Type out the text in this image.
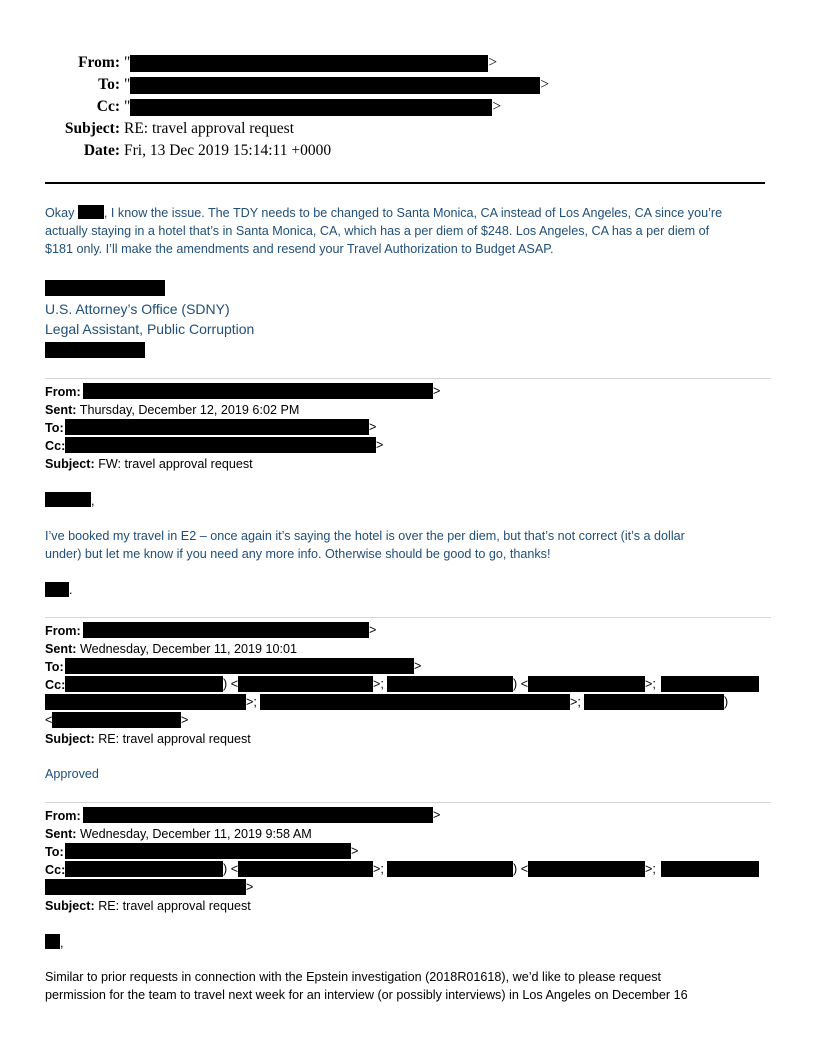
From: "	>
To: "	>
Cc: "	>
Subject: RE: travel approval request
Date: Fri, 13 Dec 2019 15:14:11 +0000
Okay , I know the issue. The TDY needs to be changed to Santa Monica, CA instead of Los Angeles, CA since you’re
actually staying in a hotel that’s in Santa Monica, CA, which has a per diem of $248. Los Angeles, CA has a per diem of
$181 only. I’ll make the amendments and resend your Travel Authorization to Budget ASAP.
U.S. Attorney’s Office (SDNY)
Legal Assistant, Public Corruption
From:	>
Sent: Thursday, December 12, 2019 6:02 PM
To:	>
Cc:	>
Subject: FW: travel approval request
,
I’ve booked my travel in E2 – once again it’s saying the hotel is over the per diem, but that’s not correct (it’s a dollar
under) but let me know if you need any more info. Otherwise should be good to go, thanks!
.
From:	>
Sent: Wednesday, December 11, 2019 10:01
To:	>
Cc:	) <	>;	) <	>;
>;	>;	)
<	>
Subject: RE: travel approval request
Approved
From:	>
Sent: Wednesday, December 11, 2019 9:58 AM
To:	>
Cc:	) <	>;	) <	>;
>
Subject: RE: travel approval request
,
Similar to prior requests in connection with the Epstein investigation (2018R01618), we’d like to please request
permission for the team to travel next week for an interview (or possibly interviews) in Los Angeles on December 16
